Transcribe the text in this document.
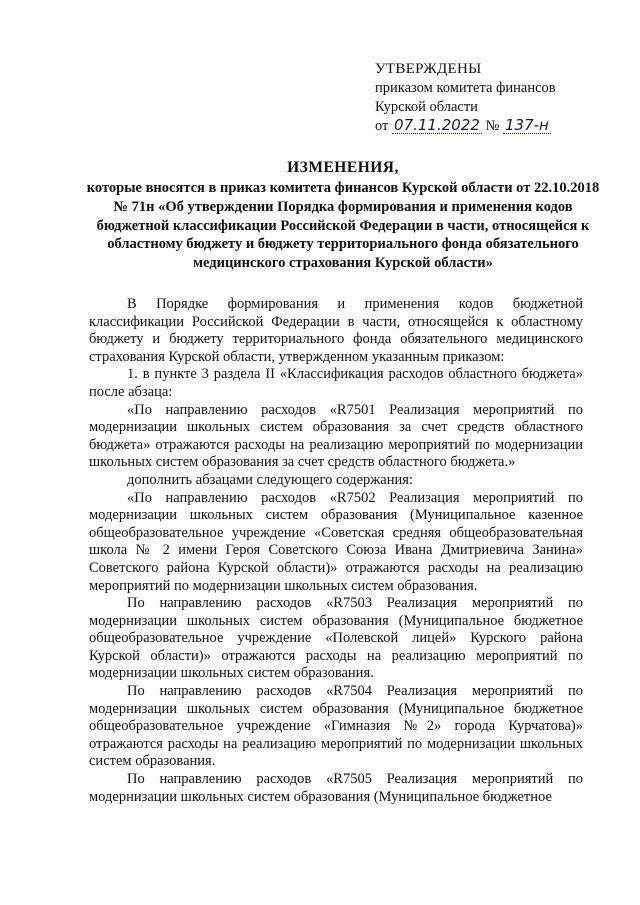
УТВЕРЖДЕНЫ
приказом комитета финансов
Курской области
от 07.11.2022 № 137-н
ИЗМЕНЕНИЯ,
которые вносятся в приказ комитета финансов Курской области от 22.10.2018 № 71н «Об утверждении Порядка формирования и применения кодов бюджетной классификации Российской Федерации в части, относящейся к областному бюджету и бюджету территориального фонда обязательного медицинского страхования Курской области»

В Порядке формирования и применения кодов бюджетной классификации Российской Федерации в части, относящейся к областному бюджету и бюджету территориального фонда обязательного медицинского страхования Курской области, утвержденном указанным приказом:

1. в пункте 3 раздела II «Классификация расходов областного бюджета» после абзаца:

«По направлению расходов «R7501 Реализация мероприятий по модернизации школьных систем образования за счет средств областного бюджета» отражаются расходы на реализацию мероприятий по модернизации школьных систем образования за счет средств областного бюджета.»

дополнить абзацами следующего содержания:

«По направлению расходов «R7502 Реализация мероприятий по модернизации школьных систем образования (Муниципальное казенное общеобразовательное учреждение «Советская средняя общеобразовательная школа № 2 имени Героя Советского Союза Ивана Дмитриевича Занина» Советского района Курской области)» отражаются расходы на реализацию мероприятий по модернизации школьных систем образования.

По направлению расходов «R7503 Реализация мероприятий по модернизации школьных систем образования (Муниципальное бюджетное общеобразовательное учреждение «Полевской лицей» Курского района Курской области)» отражаются расходы на реализацию мероприятий по модернизации школьных систем образования.

По направлению расходов «R7504 Реализация мероприятий по модернизации школьных систем образования (Муниципальное бюджетное общеобразовательное учреждение «Гимназия №2» города Курчатова)» отражаются расходы на реализацию мероприятий по модернизации школьных систем образования.

По направлению расходов «R7505 Реализация мероприятий по модернизации школьных систем образования (Муниципальное бюджетное
